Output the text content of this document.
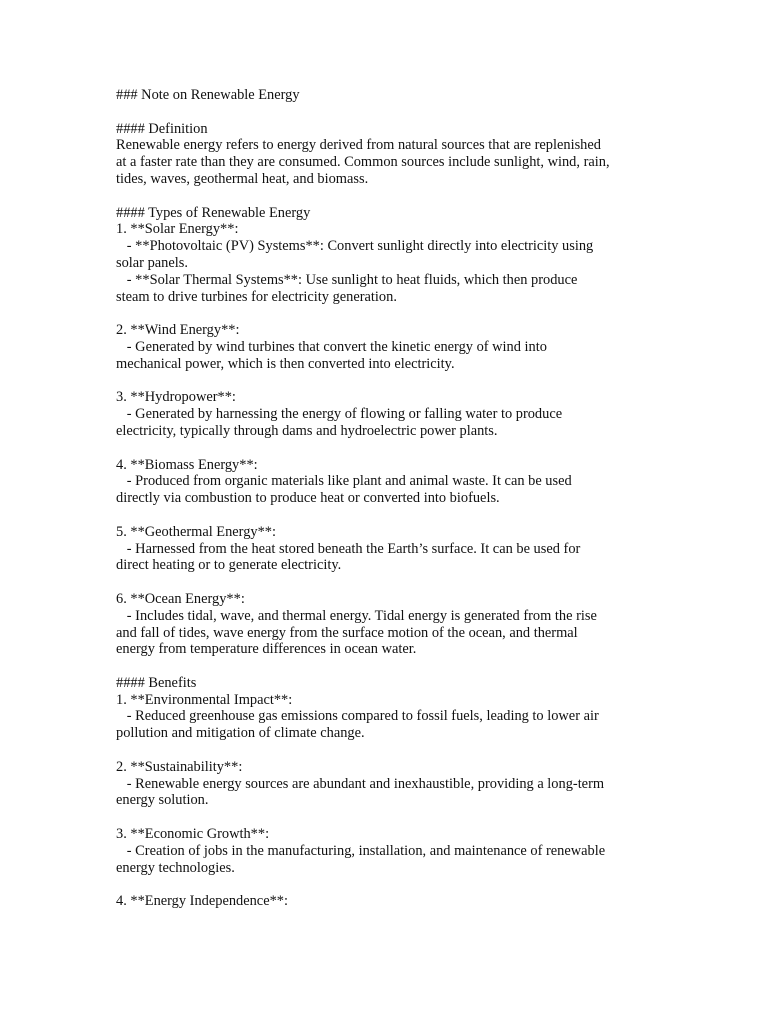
### Note on Renewable Energy
#### Definition
Renewable energy refers to energy derived from natural sources that are replenished
at a faster rate than they are consumed. Common sources include sunlight, wind, rain,
tides, waves, geothermal heat, and biomass.
#### Types of Renewable Energy
1. **Solar Energy**:
- **Photovoltaic (PV) Systems**: Convert sunlight directly into electricity using
solar panels.
- **Solar Thermal Systems**: Use sunlight to heat fluids, which then produce
steam to drive turbines for electricity generation.
2. **Wind Energy**:
- Generated by wind turbines that convert the kinetic energy of wind into
mechanical power, which is then converted into electricity.
3. **Hydropower**:
- Generated by harnessing the energy of flowing or falling water to produce
electricity, typically through dams and hydroelectric power plants.
4. **Biomass Energy**:
- Produced from organic materials like plant and animal waste. It can be used
directly via combustion to produce heat or converted into biofuels.
5. **Geothermal Energy**:
- Harnessed from the heat stored beneath the Earth’s surface. It can be used for
direct heating or to generate electricity.
6. **Ocean Energy**:
- Includes tidal, wave, and thermal energy. Tidal energy is generated from the rise
and fall of tides, wave energy from the surface motion of the ocean, and thermal
energy from temperature differences in ocean water.
#### Benefits
1. **Environmental Impact**:
- Reduced greenhouse gas emissions compared to fossil fuels, leading to lower air
pollution and mitigation of climate change.
2. **Sustainability**:
- Renewable energy sources are abundant and inexhaustible, providing a long-term
energy solution.
3. **Economic Growth**:
- Creation of jobs in the manufacturing, installation, and maintenance of renewable
energy technologies.
4. **Energy Independence**:
